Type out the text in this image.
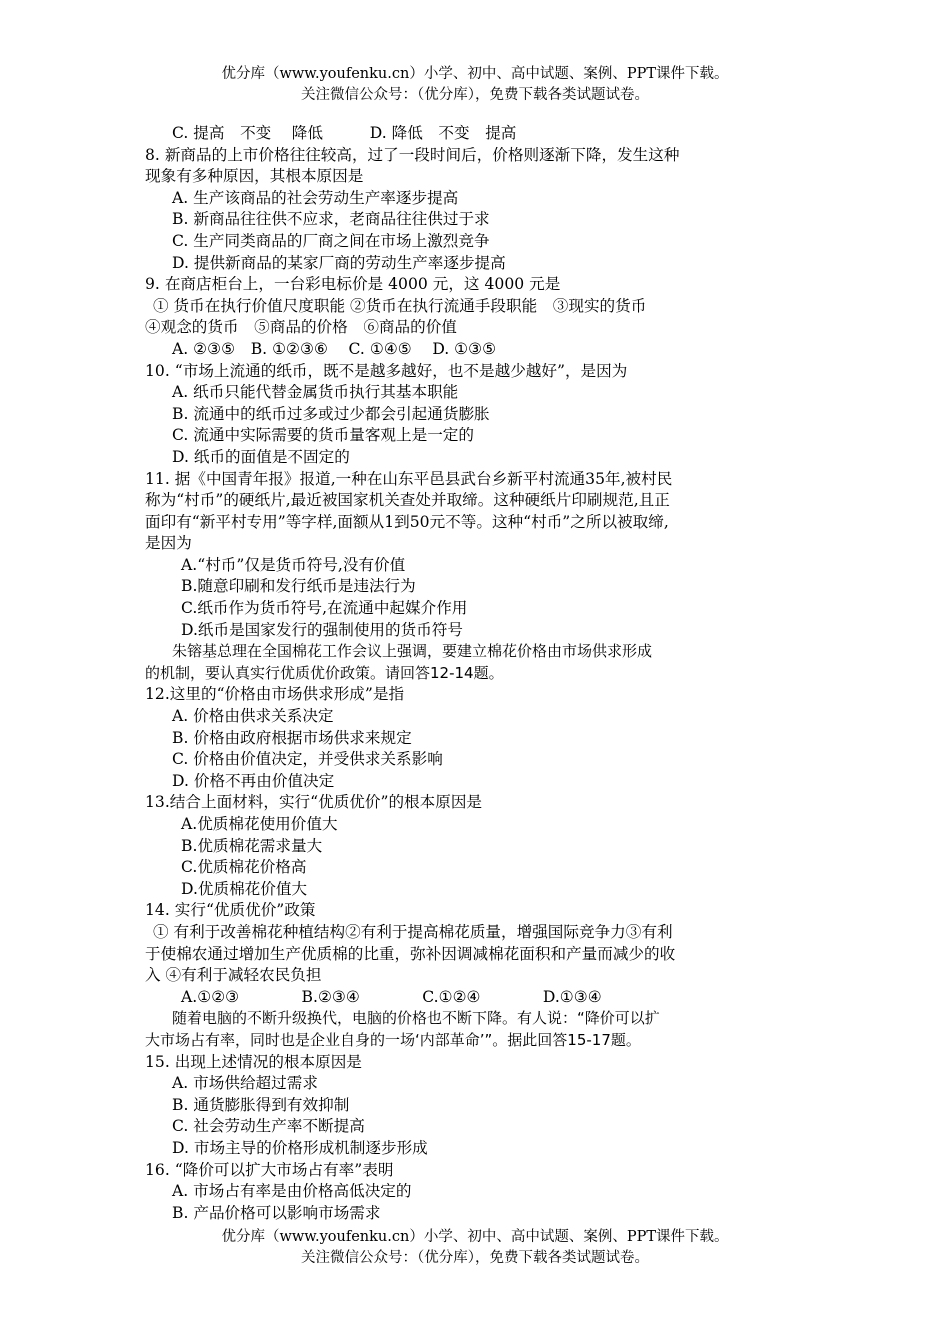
优分库（www.youfenku.cn）小学、初中、高中试题、案例、PPT课件下载。
关注微信公众号：（优分库），免费下载各类试题试卷。

C. 提高　不变　 降低　　　D. 降低　不变　提高

8. 新商品的上市价格往往较高，过了一段时间后，价格则逐渐下降，发生这种

现象有多种原因，其根本原因是

A. 生产该商品的社会劳动生产率逐步提高

B. 新商品往往供不应求，老商品往往供过于求

C. 生产同类商品的厂商之间在市场上激烈竞争

D. 提供新商品的某家厂商的劳动生产率逐步提高

9. 在商店柜台上，一台彩电标价是 4000 元，这 4000 元是

① 货币在执行价值尺度职能 ②货币在执行流通手段职能　③现实的货币

④观念的货币　⑤商品的价格　⑥商品的价值

A. ②③⑤　B. ①②③⑥　 C. ①④⑤　 D. ①③⑤

10. “市场上流通的纸币，既不是越多越好，也不是越少越好”，是因为

A. 纸币只能代替金属货币执行其基本职能

B. 流通中的纸币过多或过少都会引起通货膨胀

C. 流通中实际需要的货币量客观上是一定的

D. 纸币的面值是不固定的

11. 据《中国青年报》报道,一种在山东平邑县武台乡新平村流通35年,被村民

称为“村币”的硬纸片,最近被国家机关查处并取缔。这种硬纸片印刷规范,且正

面印有“新平村专用”等字样,面额从1到50元不等。这种“村币”之所以被取缔,

是因为

A.“村币”仅是货币符号,没有价值

B.随意印刷和发行纸币是违法行为

C.纸币作为货币符号,在流通中起媒介作用

D.纸币是国家发行的强制使用的货币符号

朱镕基总理在全国棉花工作会议上强调，要建立棉花价格由市场供求形成

的机制，要认真实行优质优价政策。请回答12-14题。

12.这里的“价格由市场供求形成”是指

A. 价格由供求关系决定

B. 价格由政府根据市场供求来规定

C. 价格由价值决定，并受供求关系影响

D. 价格不再由价值决定

13.结合上面材料，实行“优质优价”的根本原因是

A.优质棉花使用价值大

B.优质棉花需求量大

C.优质棉花价格高

D.优质棉花价值大

14. 实行“优质优价”政策

① 有利于改善棉花种植结构②有利于提高棉花质量，增强国际竞争力③有利

于使棉农通过增加生产优质棉的比重，弥补因调减棉花面积和产量而减少的收

入 ④有利于减轻农民负担

A.①②③　　　　B.②③④　　　　C.①②④　　　　D.①③④

随着电脑的不断升级换代，电脑的价格也不断下降。有人说：“降价可以扩

大市场占有率，同时也是企业自身的一场‘内部革命’”。据此回答15-17题。

15. 出现上述情况的根本原因是

A. 市场供给超过需求

B. 通货膨胀得到有效抑制

C. 社会劳动生产率不断提高

D. 市场主导的价格形成机制逐步形成

16. “降价可以扩大市场占有率”表明

A. 市场占有率是由价格高低决定的

B. 产品价格可以影响市场需求

优分库（www.youfenku.cn）小学、初中、高中试题、案例、PPT课件下载。
关注微信公众号：（优分库），免费下载各类试题试卷。
